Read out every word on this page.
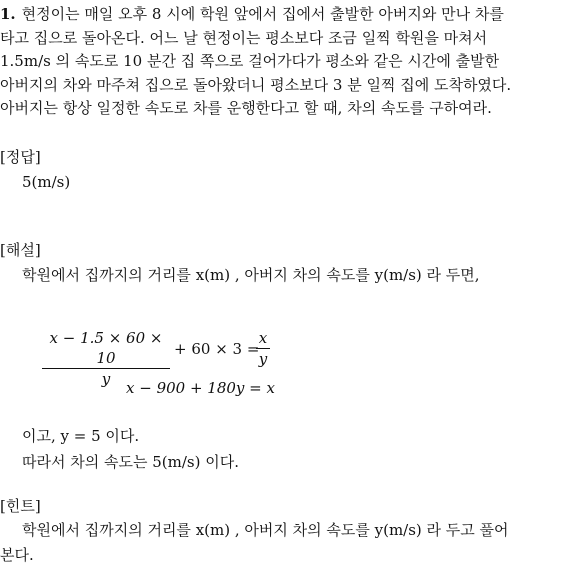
1. 현정이는 매일 오후 8 시에 학원 앞에서 집에서 출발한 아버지와 만나 차를
타고 집으로 돌아온다. 어느 날 현정이는 평소보다 조금 일찍 학원을 마쳐서
1.5m/s 의 속도로 10 분간 집 쪽으로 걸어가다가 평소와 같은 시간에 출발한
아버지의 차와 마주쳐 집으로 돌아왔더니 평소보다 3 분 일찍 집에 도착하였다.
아버지는 항상 일정한 속도로 차를 운행한다고 할 때, 차의 속도를 구하여라.
[정답]
5(m/s)
[해설]
학원에서 집까지의 거리를 x(m) , 아버지 차의 속도를 y(m/s) 라 두면,
$\frac{x - 1.5 \times 60 \times 10}{y} + 60 \times 3$ =
$\frac{x}{y}$
x − 900 + 180y = x
이고, y = 5 이다.
따라서 차의 속도는 5(m/s) 이다.
[힌트]
학원에서 집까지의 거리를 x(m) , 아버지 차의 속도를 y(m/s) 라 두고 풀어
본다.
